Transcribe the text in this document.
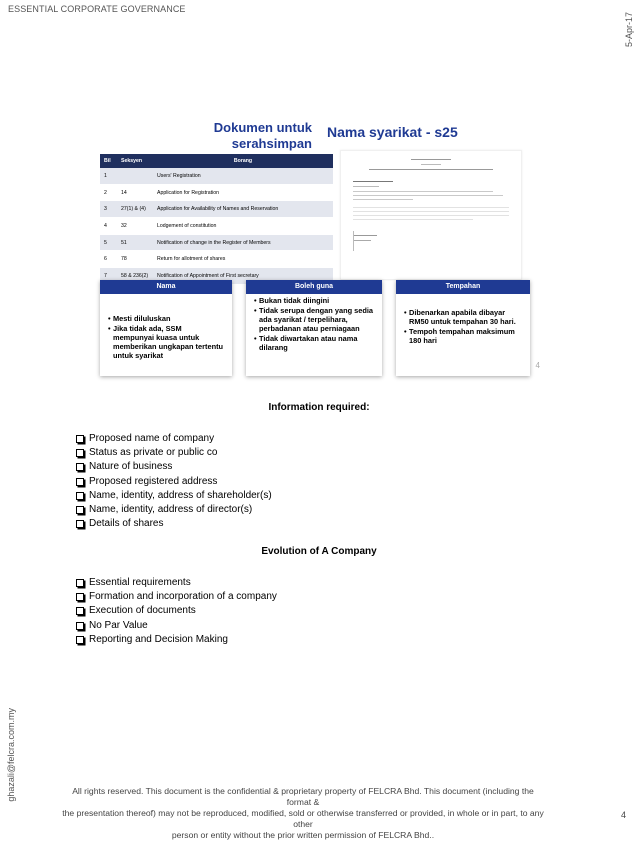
ESSENTIAL CORPORATE GOVERNANCE
5-Apr-17
ghazali@felcra.com.my
Dokumen untuk
serahsimpan
Nama syarikat - s25
Bil	Seksyen	Borang
1		Users' Registration
2	14	Application for Registration
3	27(1) & (4)	Application for Availability of Names and Reservation
4	32	Lodgement of constitution
5	51	Notification of change in the Register of Members
6	78	Return for allotment of shares
7	58 & 236(2)	Notification of Appointment of First secretary
Nama
• Mesti diluluskan
• Jika tidak ada, SSM mempunyai kuasa untuk memberikan ungkapan tertentu untuk syarikat
Boleh guna
• Bukan tidak diingini
• Tidak serupa dengan yang sedia ada syarikat / terpelihara, perbadanan atau perniagaan
• Tidak diwartakan atau nama dilarang
Tempahan
• Dibenarkan apabila dibayar RM50 untuk tempahan 30 hari.
• Tempoh tempahan maksimum 180 hari
4
Information required:
Proposed name of company
Status as private or public co
Nature of business
Proposed registered address
Name, identity, address of shareholder(s)
Name, identity, address of director(s)
Details of shares
Evolution of A Company
Essential requirements
Formation and incorporation of a company
Execution of documents
No Par Value
Reporting and Decision Making
All rights reserved. This document is the confidential & proprietary property of FELCRA Bhd. This document (including the format &
the presentation thereof) may not be reproduced, modified, sold or otherwise transferred or provided, in whole or in part, to any other
person or entity without the prior written permission of FELCRA Bhd..
4
